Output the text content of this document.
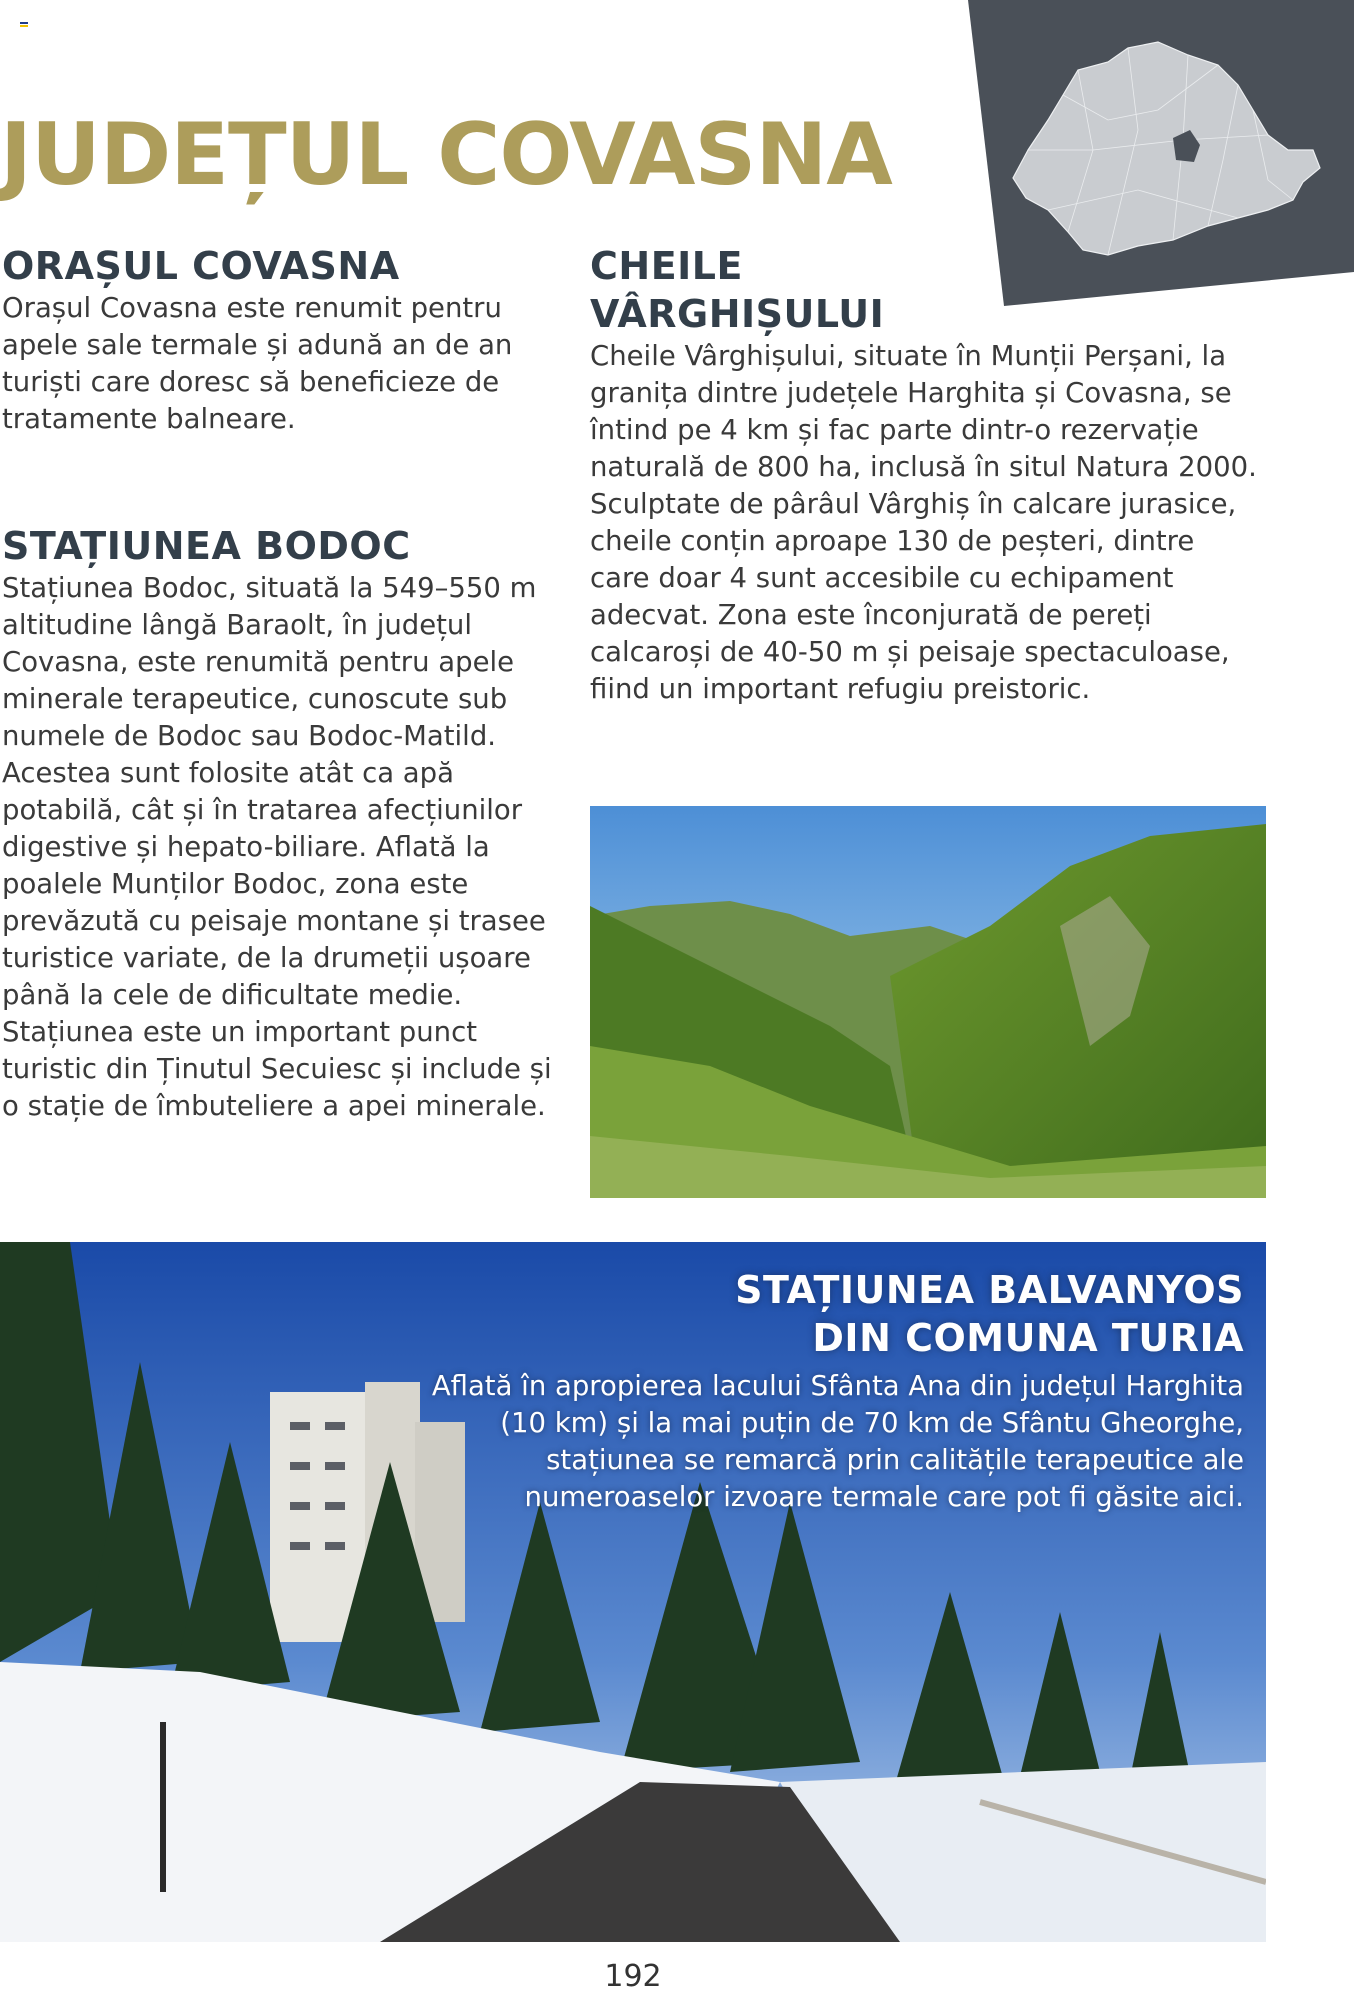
JUDEȚUL COVASNA
ORAȘUL COVASNA

Orașul Covasna este renumit pentru apele sale termale și adună an de an turiști care doresc să beneficieze de tratamente balneare.

STAȚIUNEA BODOC

Stațiunea Bodoc, situată la 549–550 m altitudine lângă Baraolt, în județul Covasna, este renumită pentru apele minerale terapeutice, cunoscute sub numele de Bodoc sau Bodoc-Matild. Acestea sunt folosite atât ca apă potabilă, cât și în tratarea afecțiunilor digestive și hepato-biliare. Aflată la poalele Munților Bodoc, zona este prevăzută cu peisaje montane și trasee turistice variate, de la drumeții ușoare până la cele de dificultate medie. Stațiunea este un important punct turistic din Ținutul Secuiesc și include și o stație de îmbuteliere a apei minerale.

CHEILE VÂRGHIȘULUI

Cheile Vârghișului, situate în Munții Perșani, la granița dintre județele Harghita și Covasna, se întind pe 4 km și fac parte dintr-o rezervație naturală de 800 ha, inclusă în situl Natura 2000. Sculptate de pârâul Vârghiș în calcare jurasice, cheile conțin aproape 130 de peșteri, dintre care doar 4 sunt accesibile cu echipament adecvat. Zona este înconjurată de pereți calcaroși de 40-50 m și peisaje spectaculoase, fiind un important refugiu preistoric.

STAȚIUNEA BALVANYOS
DIN COMUNA TURIA

Aflată în apropierea lacului Sfânta Ana din județul Harghita (10 km) și la mai puțin de 70 km de Sfântu Gheorghe, stațiunea se remarcă prin calitățile terapeutice ale numeroaselor izvoare termale care pot fi găsite aici.

192
